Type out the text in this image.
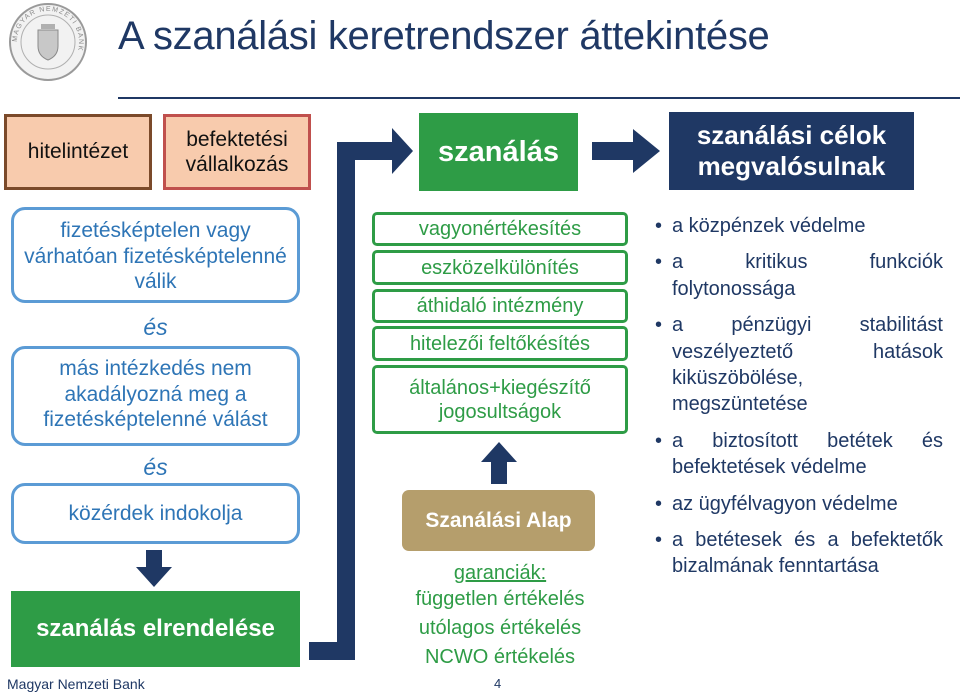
MAGYAR NEMZETI BANK A szanálási keretrendszer áttekintése
hitelintézet
befektetési vállalkozás	szanálás
szanálási célok megvalósulnak
fizetésképtelen vagy várhatóan fizetésképtelenné válik
és
más intézkedés nem akadályozná meg a fizetésképtelenné válást
és
közérdek indokolja
szanálás elrendelése
vagyonértékesítés
eszközelkülönítés
áthidaló intézmény
hitelezői feltőkésítés
általános+kiegészítő jogosultságok
Szanálási Alap
garanciák:
független értékelés
utólagos értékelés
NCWO értékelés
• a közpénzek védelme
• a kritikus funkciók folytonossága
• a pénzügyi stabilitást veszélyeztető hatások kiküszöbölése, megszüntetése
• a biztosított betétek és befektetések védelme
• az ügyfélvagyon védelme
• a betétesek és a befektetők bizalmának fenntartása
Magyar Nemzeti Bank	4
